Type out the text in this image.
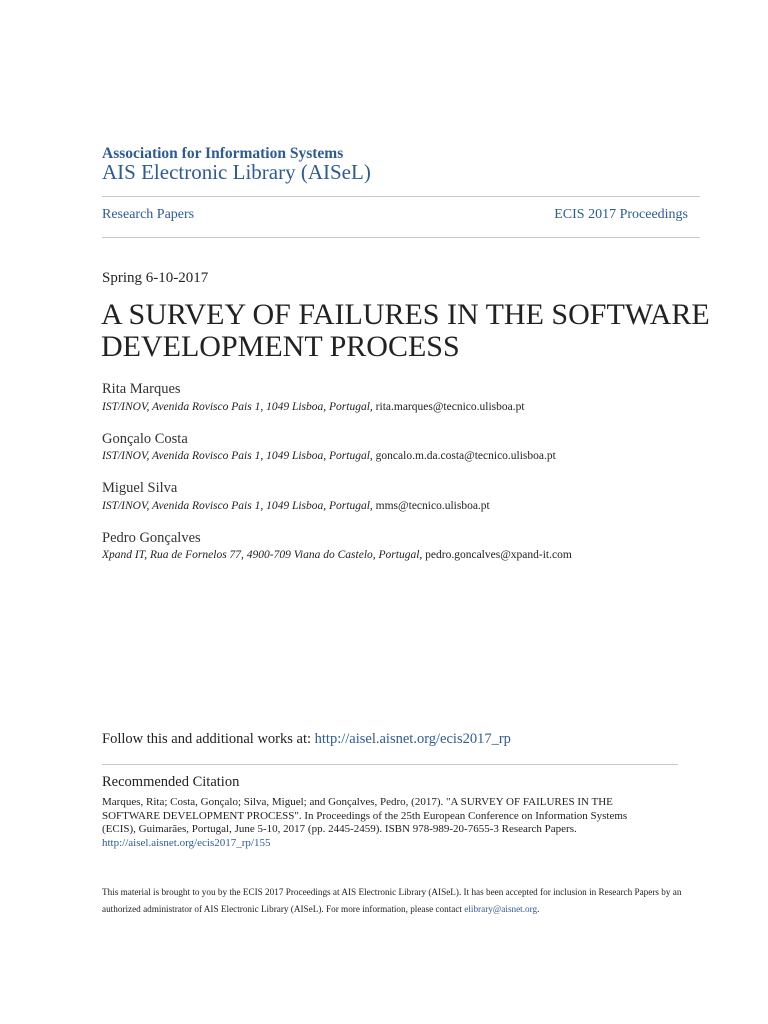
Association for Information Systems
AIS Electronic Library (AISeL)
Research Papers	ECIS 2017 Proceedings
Spring 6-10-2017
A SURVEY OF FAILURES IN THE SOFTWARE DEVELOPMENT PROCESS
Rita Marques
IST/INOV, Avenida Rovisco Pais 1, 1049 Lisboa, Portugal, rita.marques@tecnico.ulisboa.pt
Gonçalo Costa
IST/INOV, Avenida Rovisco Pais 1, 1049 Lisboa, Portugal, goncalo.m.da.costa@tecnico.ulisboa.pt
Miguel Silva
IST/INOV, Avenida Rovisco Pais 1, 1049 Lisboa, Portugal, mms@tecnico.ulisboa.pt
Pedro Gonçalves
Xpand IT, Rua de Fornelos 77, 4900-709 Viana do Castelo, Portugal, pedro.goncalves@xpand-it.com
Follow this and additional works at: http://aisel.aisnet.org/ecis2017_rp
Recommended Citation
Marques, Rita; Costa, Gonçalo; Silva, Miguel; and Gonçalves, Pedro, (2017). "A SURVEY OF FAILURES IN THE SOFTWARE DEVELOPMENT PROCESS". In Proceedings of the 25th European Conference on Information Systems (ECIS), Guimarães, Portugal, June 5-10, 2017 (pp. 2445-2459). ISBN 978-989-20-7655-3 Research Papers.
http://aisel.aisnet.org/ecis2017_rp/155
This material is brought to you by the ECIS 2017 Proceedings at AIS Electronic Library (AISeL). It has been accepted for inclusion in Research Papers by an authorized administrator of AIS Electronic Library (AISeL). For more information, please contact elibrary@aisnet.org.
